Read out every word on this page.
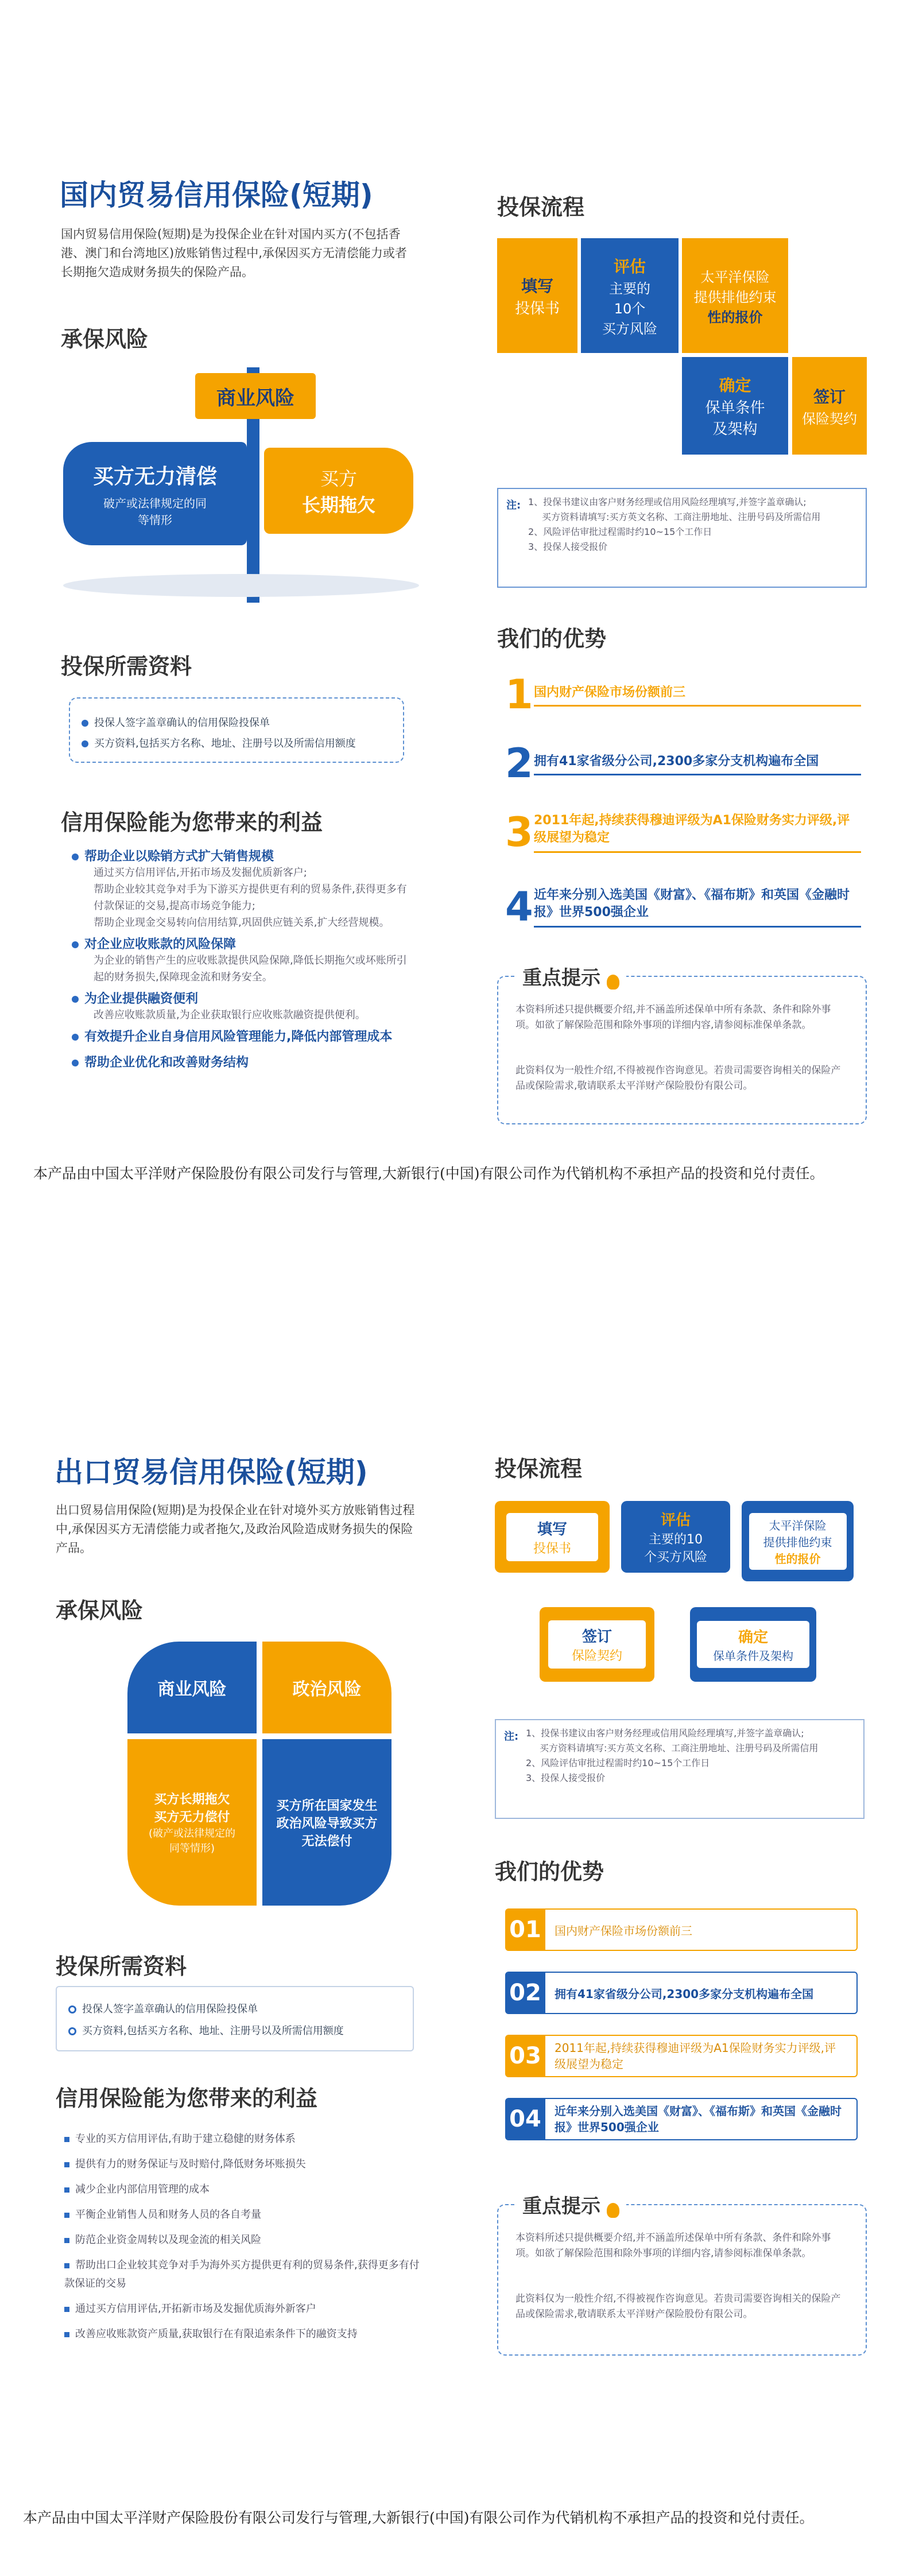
国内贸易信用保险(短期)
国内贸易信用保险(短期)是为投保企业在针对国内买方(不包括香港、澳门和台湾地区)放账销售过程中,承保因买方无清偿能力或者长期拖欠造成财务损失的保险产品。
承保风险
商业风险
买方无力清偿
破产或法律规定的同等情形
买方
长期拖欠
投保所需资料
投保人签字盖章确认的信用保险投保单
买方资料,包括买方名称、地址、注册号以及所需信用额度
信用保险能为您带来的利益
帮助企业以赊销方式扩大销售规模
通过买方信用评估,开拓市场及发掘优质新客户;
帮助企业较其竞争对手为下游买方提供更有利的贸易条件,获得更多有付款保证的交易,提高市场竞争能力;
帮助企业现金交易转向信用结算,巩固供应链关系,扩大经营规模。
对企业应收账款的风险保障
为企业的销售产生的应收账款提供风险保障,降低长期拖欠或坏账所引起的财务损失,保障现金流和财务安全。
为企业提供融资便利
改善应收账款质量,为企业获取银行应收账款融资提供便利。
有效提升企业自身信用风险管理能力,降低内部管理成本
帮助企业优化和改善财务结构
投保流程
填写
投保书
评估
主要的
10个
买方风险
太平洋保险
提供排他约束
性的报价
确定
保单条件
及架构
签订
保险契约
注: 1、投保书建议由客户财务经理或信用风险经理填写,并签字盖章确认;
买方资料请填写:买方英文名称、工商注册地址、注册号码及所需信用
2、风险评估审批过程需时约10~15个工作日
3、投保人接受报价
我们的优势
1 国内财产保险市场份额前三
2 拥有41家省级分公司,2300多家分支机构遍布全国
3 2011年起,持续获得穆迪评级为A1保险财务实力评级,评级展望为稳定
4 近年来分别入选美国《财富》、《福布斯》和英国《金融时报》世界500强企业
重点提示
本资料所述只提供概要介绍,并不涵盖所述保单中所有条款、条件和除外事项。如欲了解保险范围和除外事项的详细内容,请参阅标准保单条款。
此资料仅为一般性介绍,不得被视作咨询意见。若贵司需要咨询相关的保险产品或保险需求,敬请联系太平洋财产保险股份有限公司。
本产品由中国太平洋财产保险股份有限公司发行与管理,大新银行(中国)有限公司作为代销机构不承担产品的投资和兑付责任。
出口贸易信用保险(短期)
出口贸易信用保险(短期)是为投保企业在针对境外买方放账销售过程中,承保因买方无清偿能力或者拖欠,及政治风险造成财务损失的保险产品。
承保风险
商业风险	政治风险
买方长期拖欠
买方无力偿付
(破产或法律规定的
同等情形)
买方所在国家发生
政治风险导致买方
无法偿付
投保所需资料
投保人签字盖章确认的信用保险投保单
买方资料,包括买方名称、地址、注册号以及所需信用额度
信用保险能为您带来的利益
专业的买方信用评估,有助于建立稳健的财务体系
提供有力的财务保证与及时赔付,降低财务坏账损失
减少企业内部信用管理的成本
平衡企业销售人员和财务人员的各自考量
防范企业资金周转以及现金流的相关风险
帮助出口企业较其竞争对手为海外买方提供更有利的贸易条件,获得更多有付款保证的交易
通过买方信用评估,开拓新市场及发掘优质海外新客户
改善应收账款资产质量,获取银行在有限追索条件下的融资支持
投保流程
填写
投保书
评估
主要的10
个买方风险
太平洋保险
提供排他约束
性的报价
确定
保单条件及架构
签订
保险契约
注: 1、投保书建议由客户财务经理或信用风险经理填写,并签字盖章确认;
买方资料请填写:买方英文名称、工商注册地址、注册号码及所需信用
2、风险评估审批过程需时约10~15个工作日
3、投保人接受报价
我们的优势
01	国内财产保险市场份额前三
02	拥有41家省级分公司,2300多家分支机构遍布全国
03	2011年起,持续获得穆迪评级为A1保险财务实力评级,评级展望为稳定
04	近年来分别入选美国《财富》、《福布斯》和英国《金融时报》世界500强企业
重点提示
本资料所述只提供概要介绍,并不涵盖所述保单中所有条款、条件和除外事项。如欲了解保险范围和除外事项的详细内容,请参阅标准保单条款。
此资料仅为一般性介绍,不得被视作咨询意见。若贵司需要咨询相关的保险产品或保险需求,敬请联系太平洋财产保险股份有限公司。
本产品由中国太平洋财产保险股份有限公司发行与管理,大新银行(中国)有限公司作为代销机构不承担产品的投资和兑付责任。
